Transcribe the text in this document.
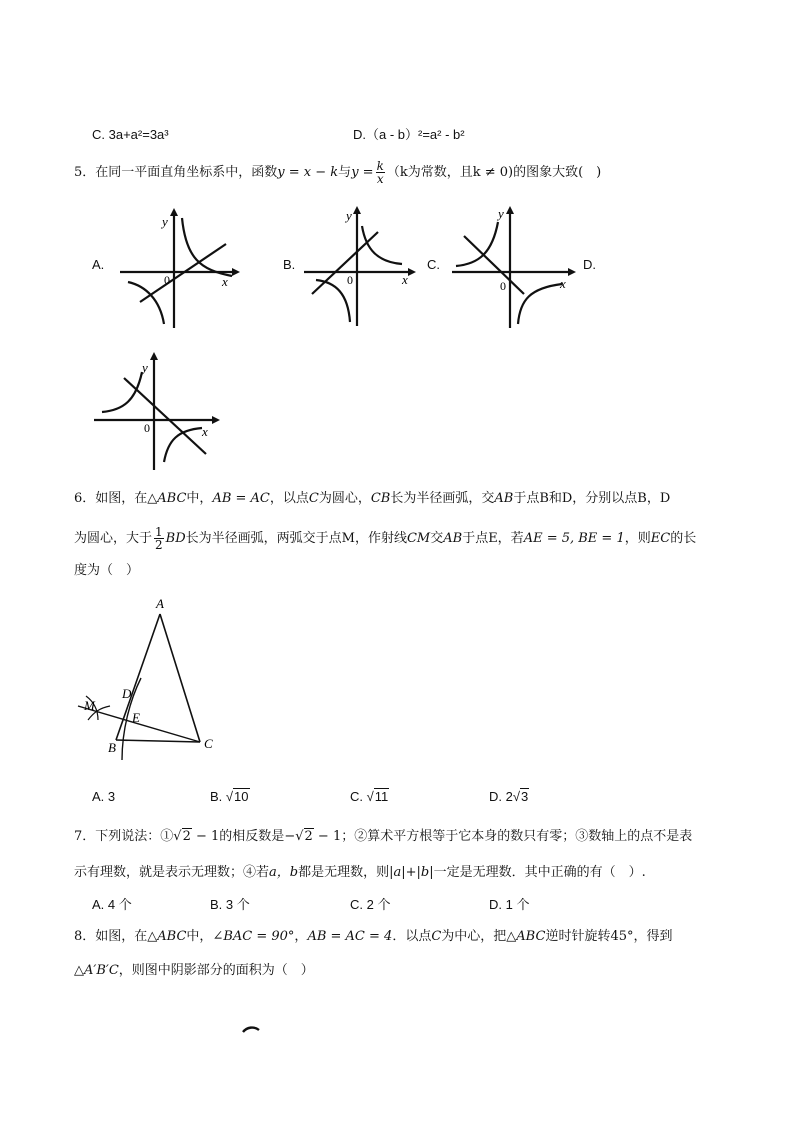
C. 3a+a²=3a³	D.（a - b）²=a² - b²
5．在同一平面直角坐标系中，函数y = x − k与$y = \frac{k}{x} (k$为常数，且k ≠ 0)的图象大致(　)
A.	B.	C.	D.
y
x
0
y
x
0
y
x
0
y
x
0
6．如图，在△ABC中，AB = AC，以点C为圆心，CB长为半径画弧，交AB于点B和D，分别以点B，D
为圆心，大于 $\frac{1}{2}$ BD长为半径画弧，两弧交于点M，作射线CM交AB于点E，若AE = 5, BE = 1，则EC的长
度为（　）
A
D
M
E
B	C
A. 3	B. √10	C. √11	D. 2√3
7．下列说法：①√2 − 1的相反数是−√2 − 1；②算术平方根等于它本身的数只有零；③数轴上的点不是表
示有理数，就是表示无理数；④若a，b都是无理数，则|a|+|b|一定是无理数．其中正确的有（　）.
A. 4 个	B. 3 个	C. 2 个	D. 1 个
8．如图，在△ABC中，∠BAC = 90°，AB = AC = 4．以点C为中心，把△ABC逆时针旋转45°，得到
△A′B′C，则图中阴影部分的面积为（　）
